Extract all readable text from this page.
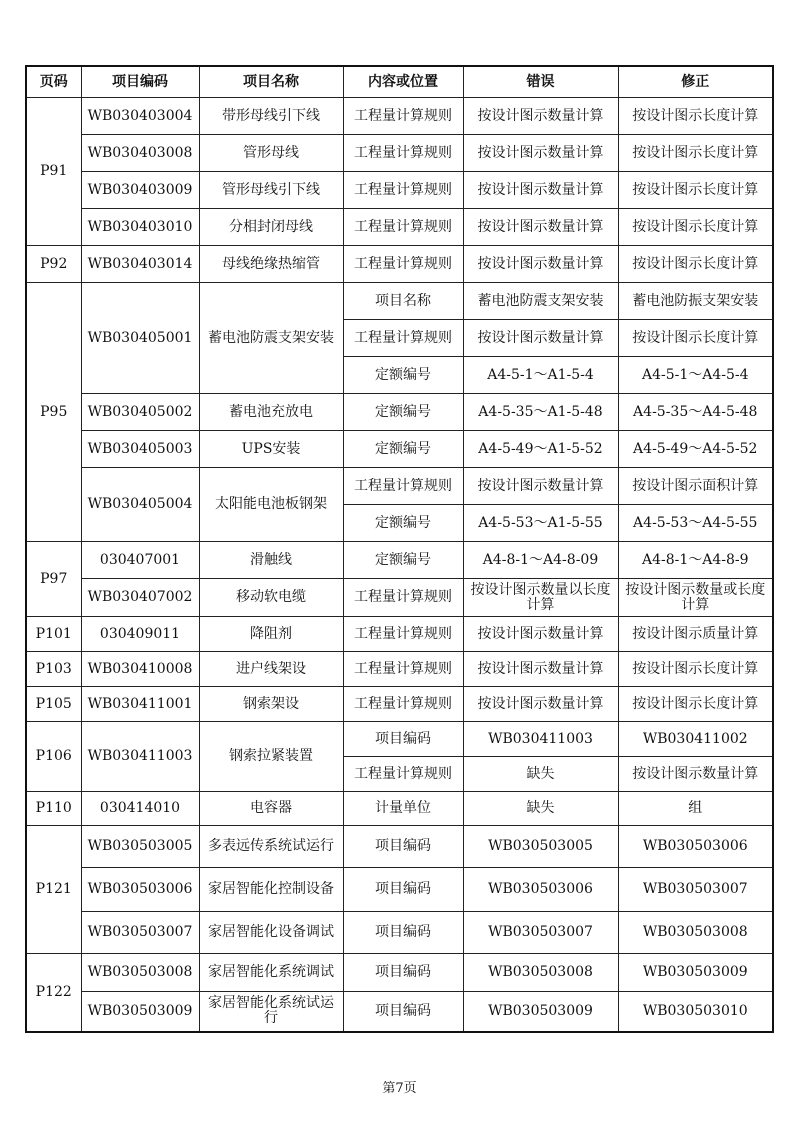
页码	项目编码	项目名称	内容或位置	错误	修正
P91	WB030403004	带形母线引下线	工程量计算规则	按设计图示数量计算	按设计图示长度计算
	WB030403008	管形母线	工程量计算规则	按设计图示数量计算	按设计图示长度计算
	WB030403009	管形母线引下线	工程量计算规则	按设计图示数量计算	按设计图示长度计算
	WB030403010	分相封闭母线	工程量计算规则	按设计图示数量计算	按设计图示长度计算
P92	WB030403014	母线绝缘热缩管	工程量计算规则	按设计图示数量计算	按设计图示长度计算
P95	WB030405001	蓄电池防震支架安装	项目名称	蓄电池防震支架安装	蓄电池防振支架安装
			工程量计算规则	按设计图示数量计算	按设计图示长度计算
			定额编号	A4-5-1～A1-5-4	A4-5-1～A4-5-4
	WB030405002	蓄电池充放电	定额编号	A4-5-35～A1-5-48	A4-5-35～A4-5-48
	WB030405003	UPS安装	定额编号	A4-5-49～A1-5-52	A4-5-49～A4-5-52
	WB030405004	太阳能电池板钢架	工程量计算规则	按设计图示数量计算	按设计图示面积计算
			定额编号	A4-5-53～A1-5-55	A4-5-53～A4-5-55
P97	030407001	滑触线	定额编号	A4-8-1～A4-8-09	A4-8-1～A4-8-9
	WB030407002	移动软电缆	工程量计算规则	按设计图示数量以长度计算	按设计图示数量或长度计算
P101	030409011	降阻剂	工程量计算规则	按设计图示数量计算	按设计图示质量计算
P103	WB030410008	进户线架设	工程量计算规则	按设计图示数量计算	按设计图示长度计算
P105	WB030411001	钢索架设	工程量计算规则	按设计图示数量计算	按设计图示长度计算
P106	WB030411003	钢索拉紧装置	项目编码	WB030411003	WB030411002
			工程量计算规则	缺失	按设计图示数量计算
P110	030414010	电容器	计量单位	缺失	组
P121	WB030503005	多表远传系统试运行	项目编码	WB030503005	WB030503006
	WB030503006	家居智能化控制设备	项目编码	WB030503006	WB030503007
	WB030503007	家居智能化设备调试	项目编码	WB030503007	WB030503008
P122	WB030503008	家居智能化系统调试	项目编码	WB030503008	WB030503009
	WB030503009	家居智能化系统试运行	项目编码	WB030503009	WB030503010
第7页
